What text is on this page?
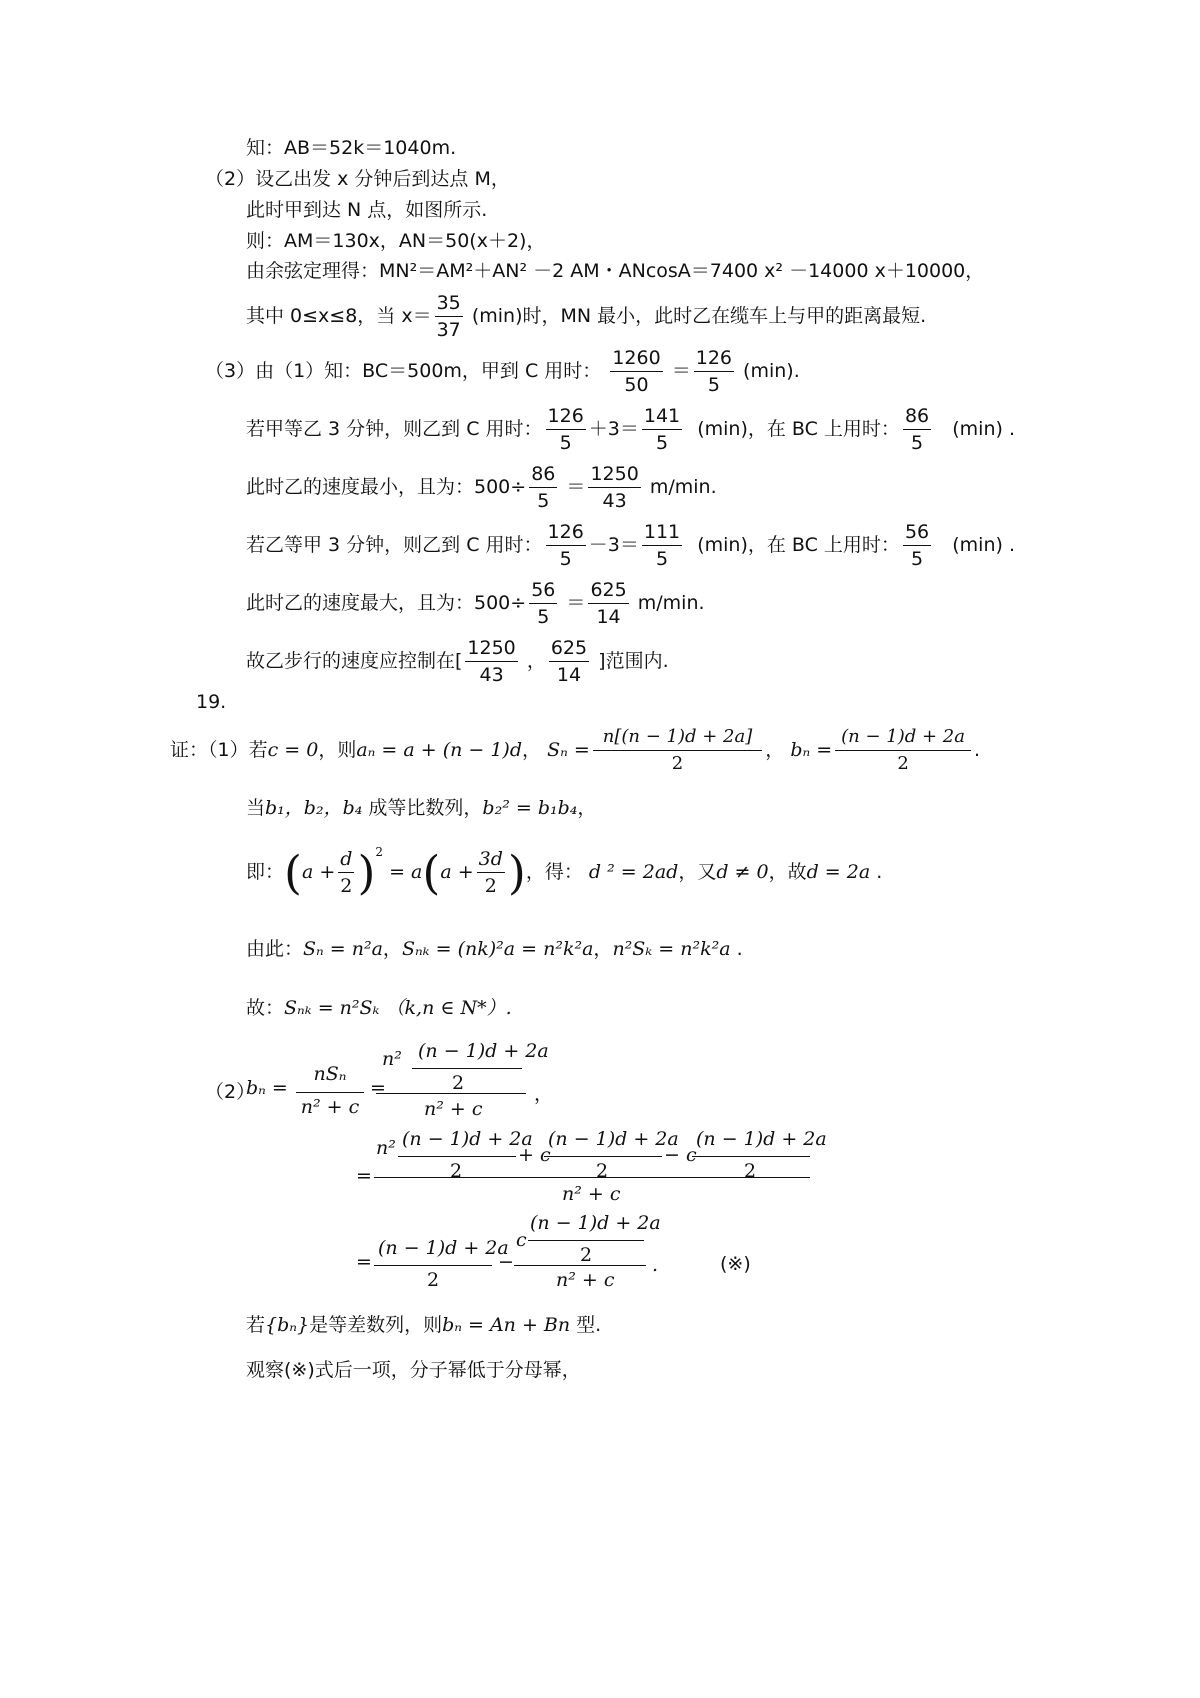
知：AB＝52k＝1040m.
（2）设乙出发 x 分钟后到达点 M，
此时甲到达 N 点，如图所示.
则：AM＝130x，AN＝50(x＋2)，
由余弦定理得：MN²＝AM²＋AN² －2 AM・ANcosA＝7400 x² －14000 x＋10000，
其中 0≤x≤8，当 $x= \frac{35}{37} (\min)$时，MN 最小，此时乙在缆车上与甲的距离最短.
（3）由（1）知：BC＝500m，甲到 C 用时： $\frac{1260}{50} = \frac{126}{5} (\min)$.
若甲等乙 3 分钟，则乙到 C 用时： $\frac{126}{5} +3= \frac{141}{5} (\min)$，在 BC 上用时： $\frac{86}{5} (\min)$ .
此时乙的速度最小，且为：$500\div \frac{86}{5} = \frac{1250}{43} m/\min$.
若乙等甲 3 分钟，则乙到 C 用时： $\frac{126}{5} -3= \frac{111}{5} (\min)$，在 BC 上用时： $\frac{56}{5} (\min)$ .
此时乙的速度最大，且为：$500\div \frac{56}{5} = \frac{625}{14} m/\min$.
故乙步行的速度应控制在[ $\frac{1250}{43}$ ， $\frac{625}{14}$ ]范围内.
19.
证：（1）若c = 0，则aₙ = a + (n − 1)d， $S_n = \frac{n[(n - 1)d + 2a]}{2}$ ， $b_n = \frac{(n - 1)d + 2a}{2}$ .
当b₁，b₂，b₄ 成等比数列，b₂² = b₁b₄，
即：$(a + \frac{d}{2} )^2 = a(a + \frac{3d}{2}$ )，得： d ² = 2ad，又d ≠ 0，故d = 2a .
由此：Sₙ = n²a，Sₙₖ = (nk)²a = n²k²a，n²Sₖ = n²k²a .
故：Sₙₖ = n²Sₖ （k,n ∈ N*）.
（2）
bₙ =
nSₙ
n² + c
=
n² (n − 1)d + 2a
2
n² + c
，
=
n² (n − 1)d + 2a
2
+ c
(n − 1)d + 2a
2
− c
(n − 1)d + 2a
2
n² + c
=
(n − 1)d + 2a
2
−
c
(n − 1)d + 2a
2
n² + c
.	(※)
若{bₙ}是等差数列，则bₙ = An + Bn 型.
观察(※)式后一项，分子幂低于分母幂，
